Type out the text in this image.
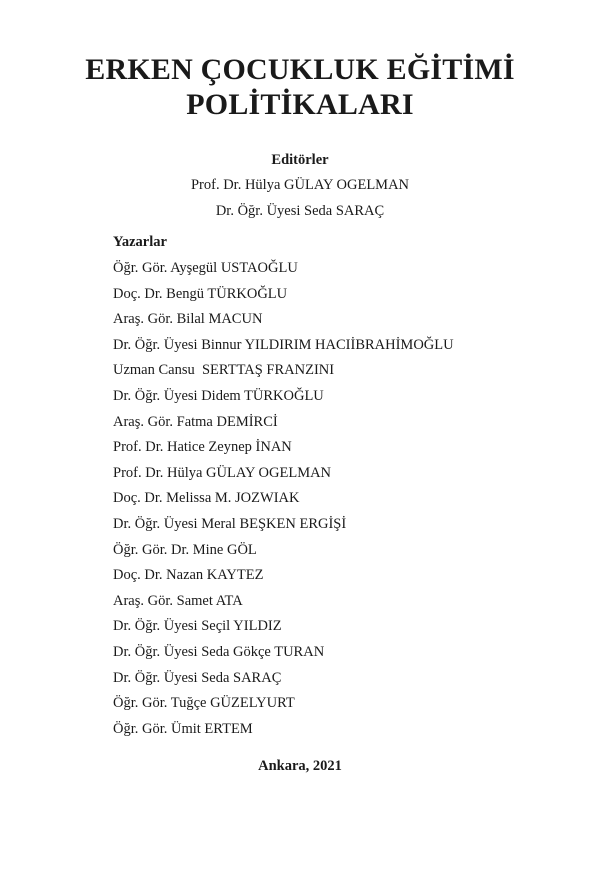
ERKEN ÇOCUKLUK EĞİTİMİ
POLİTİKALARI
Editörler
Prof. Dr. Hülya GÜLAY OGELMAN
Dr. Öğr. Üyesi Seda SARAÇ
Yazarlar
Öğr. Gör. Ayşegül USTAOĞLU
Doç. Dr. Bengü TÜRKOĞLU
Araş. Gör. Bilal MACUN
Dr. Öğr. Üyesi Binnur YILDIRIM HACIİBRAHİMOĞLU
Uzman Cansu  SERTTAŞ FRANZINI
Dr. Öğr. Üyesi Didem TÜRKOĞLU
Araş. Gör. Fatma DEMİRCİ
Prof. Dr. Hatice Zeynep İNAN
Prof. Dr. Hülya GÜLAY OGELMAN
Doç. Dr. Melissa M. JOZWIAK
Dr. Öğr. Üyesi Meral BEŞKEN ERGİŞİ
Öğr. Gör. Dr. Mine GÖL
Doç. Dr. Nazan KAYTEZ
Araş. Gör. Samet ATA
Dr. Öğr. Üyesi Seçil YILDIZ
Dr. Öğr. Üyesi Seda Gökçe TURAN
Dr. Öğr. Üyesi Seda SARAÇ
Öğr. Gör. Tuğçe GÜZELYURT
Öğr. Gör. Ümit ERTEM
Ankara, 2021
